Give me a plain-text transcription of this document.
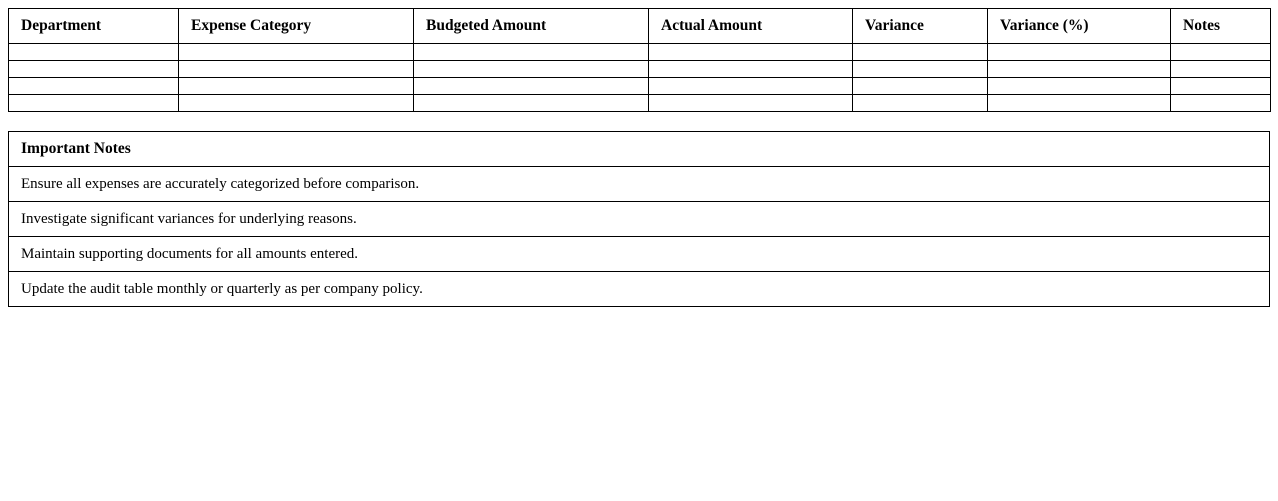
Department	Expense Category	Budgeted Amount	Actual Amount	Variance	Variance (%)	Notes

Important Notes
Ensure all expenses are accurately categorized before comparison.
Investigate significant variances for underlying reasons.
Maintain supporting documents for all amounts entered.
Update the audit table monthly or quarterly as per company policy.
